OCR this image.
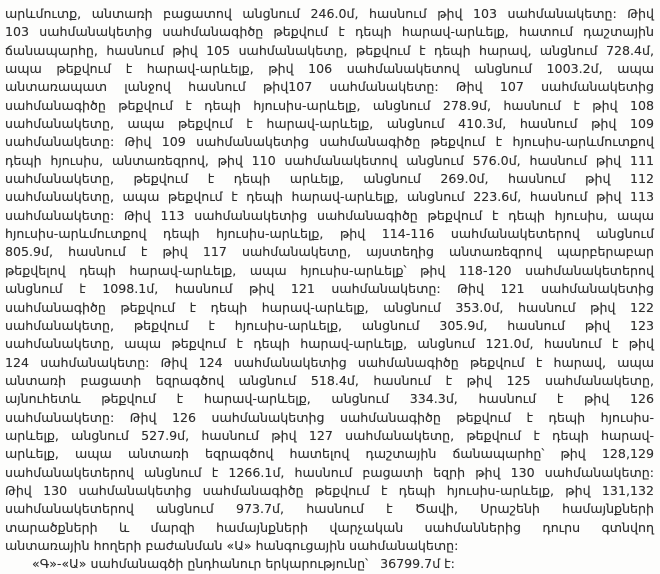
արևմուտք, անտառի բացատով անցնում 246.0մ, հասնում թիվ 103 սահմանակետը: Թիվ
103 սահմանակետից սահմանագիծը թեքվում է դեպի հարավ-արևելք, հատում դաշտային
ճանապարհը, հասնում թիվ 105 սահմանակետը, թեքվում է դեպի հարավ, անցնում 728.4մ,
ապա թեքվում է հարավ-արևելք, թիվ 106 սահմանակետով անցնում 1003.2մ, ապա
անտառապատ լանջով հասնում թիվ107 սահմանակետը: Թիվ 107 սահմանակետից
սահմանագիծը թեքվում է դեպի հյուսիս-արևելք, անցնում 278.9մ, հասնում է թիվ 108
սահմանակետը, ապա թեքվում է հարավ-արևելք, անցնում 410.3մ, հասնում թիվ 109
սահմանակետը: Թիվ 109 սահմանակետից սահմանագիծը թեքվում է հյուսիս-արևմուտքով
դեպի հյուսիս, անտառեզրով, թիվ 110 սահմանակետով անցնում 576.0մ, հասնում թիվ 111
սահմանակետը, թեքվում է դեպի արևելք, անցնում 269.0մ, հասնում թիվ 112
սահմանակետը, ապա թեքվում է դեպի հարավ-արևելք, անցնում 223.6մ, հասնում թիվ 113
սահմանակետը: Թիվ 113 սահմանակետից սահմանագիծը թեքվում է դեպի հյուսիս, ապա
հյուսիս-արևմուտքով դեպի հյուսիս-արևելք, թիվ 114-116 սահմանակետերով անցնում
805.9մ, հասնում է թիվ 117 սահմանակետը, այստեղից անտառեզրով պարբերաբար
թեքվելով դեպի հարավ-արևելք, ապա հյուսիս-արևելք՝ թիվ 118-120 սահմանակետերով
անցնում է 1098.1մ, հասնում թիվ 121 սահմանակետը: Թիվ 121 սահմանակետից
սահմանագիծը թեքվում է դեպի հարավ-արևելք, անցնում 353.0մ, հասնում թիվ 122
սահմանակետը, թեքվում է հյուսիս-արևելք, անցնում 305.9մ, հասնում թիվ 123
սահմանակետը, ապա թեքվում է դեպի հարավ-արևելք, անցնում 121.0մ, հասնում է թիվ
124 սահմանակետը: Թիվ 124 սահմանակետից սահմանագիծը թեքվում է հարավ, ապա
անտառի բացատի եզրագծով անցնում 518.4մ, հասնում է թիվ 125 սահմանակետը,
այնուհետև թեքվում է հարավ-արևելք, անցնում 334.3մ, հասնում է թիվ 126
սահմանակետը: Թիվ 126 սահմանակետից սահմանագիծը թեքվում է դեպի հյուսիս-
արևելք, անցնում 527.9մ, հասնում թիվ 127 սահմանակետը, թեքվում է դեպի հարավ-
արևելք, ապա անտառի եզրագծով հատելով դաշտային ճանապարհը՝ թիվ 128,129
սահմանակետերով անցնում է 1266.1մ, հասնում բացատի եզրի թիվ 130 սահմանակետը:
Թիվ 130 սահմանակետից սահմանագիծը թեքվում է դեպի հյուսիս-արևելք, թիվ 131,132
սահմանակետերով անցնում 973.7մ, հասնում է Ծավի, Սրաշենի համայնքների
տարածքների և մարզի համայնքների վարչական սահմաններից դուրս գտնվող
անտառային հողերի բաժանման «Ա» հանգուցային սահմանակետը:
«Գ»-«Ա» սահմանագծի ընդհանուր երկարությունը՝   36799.7մ է:
